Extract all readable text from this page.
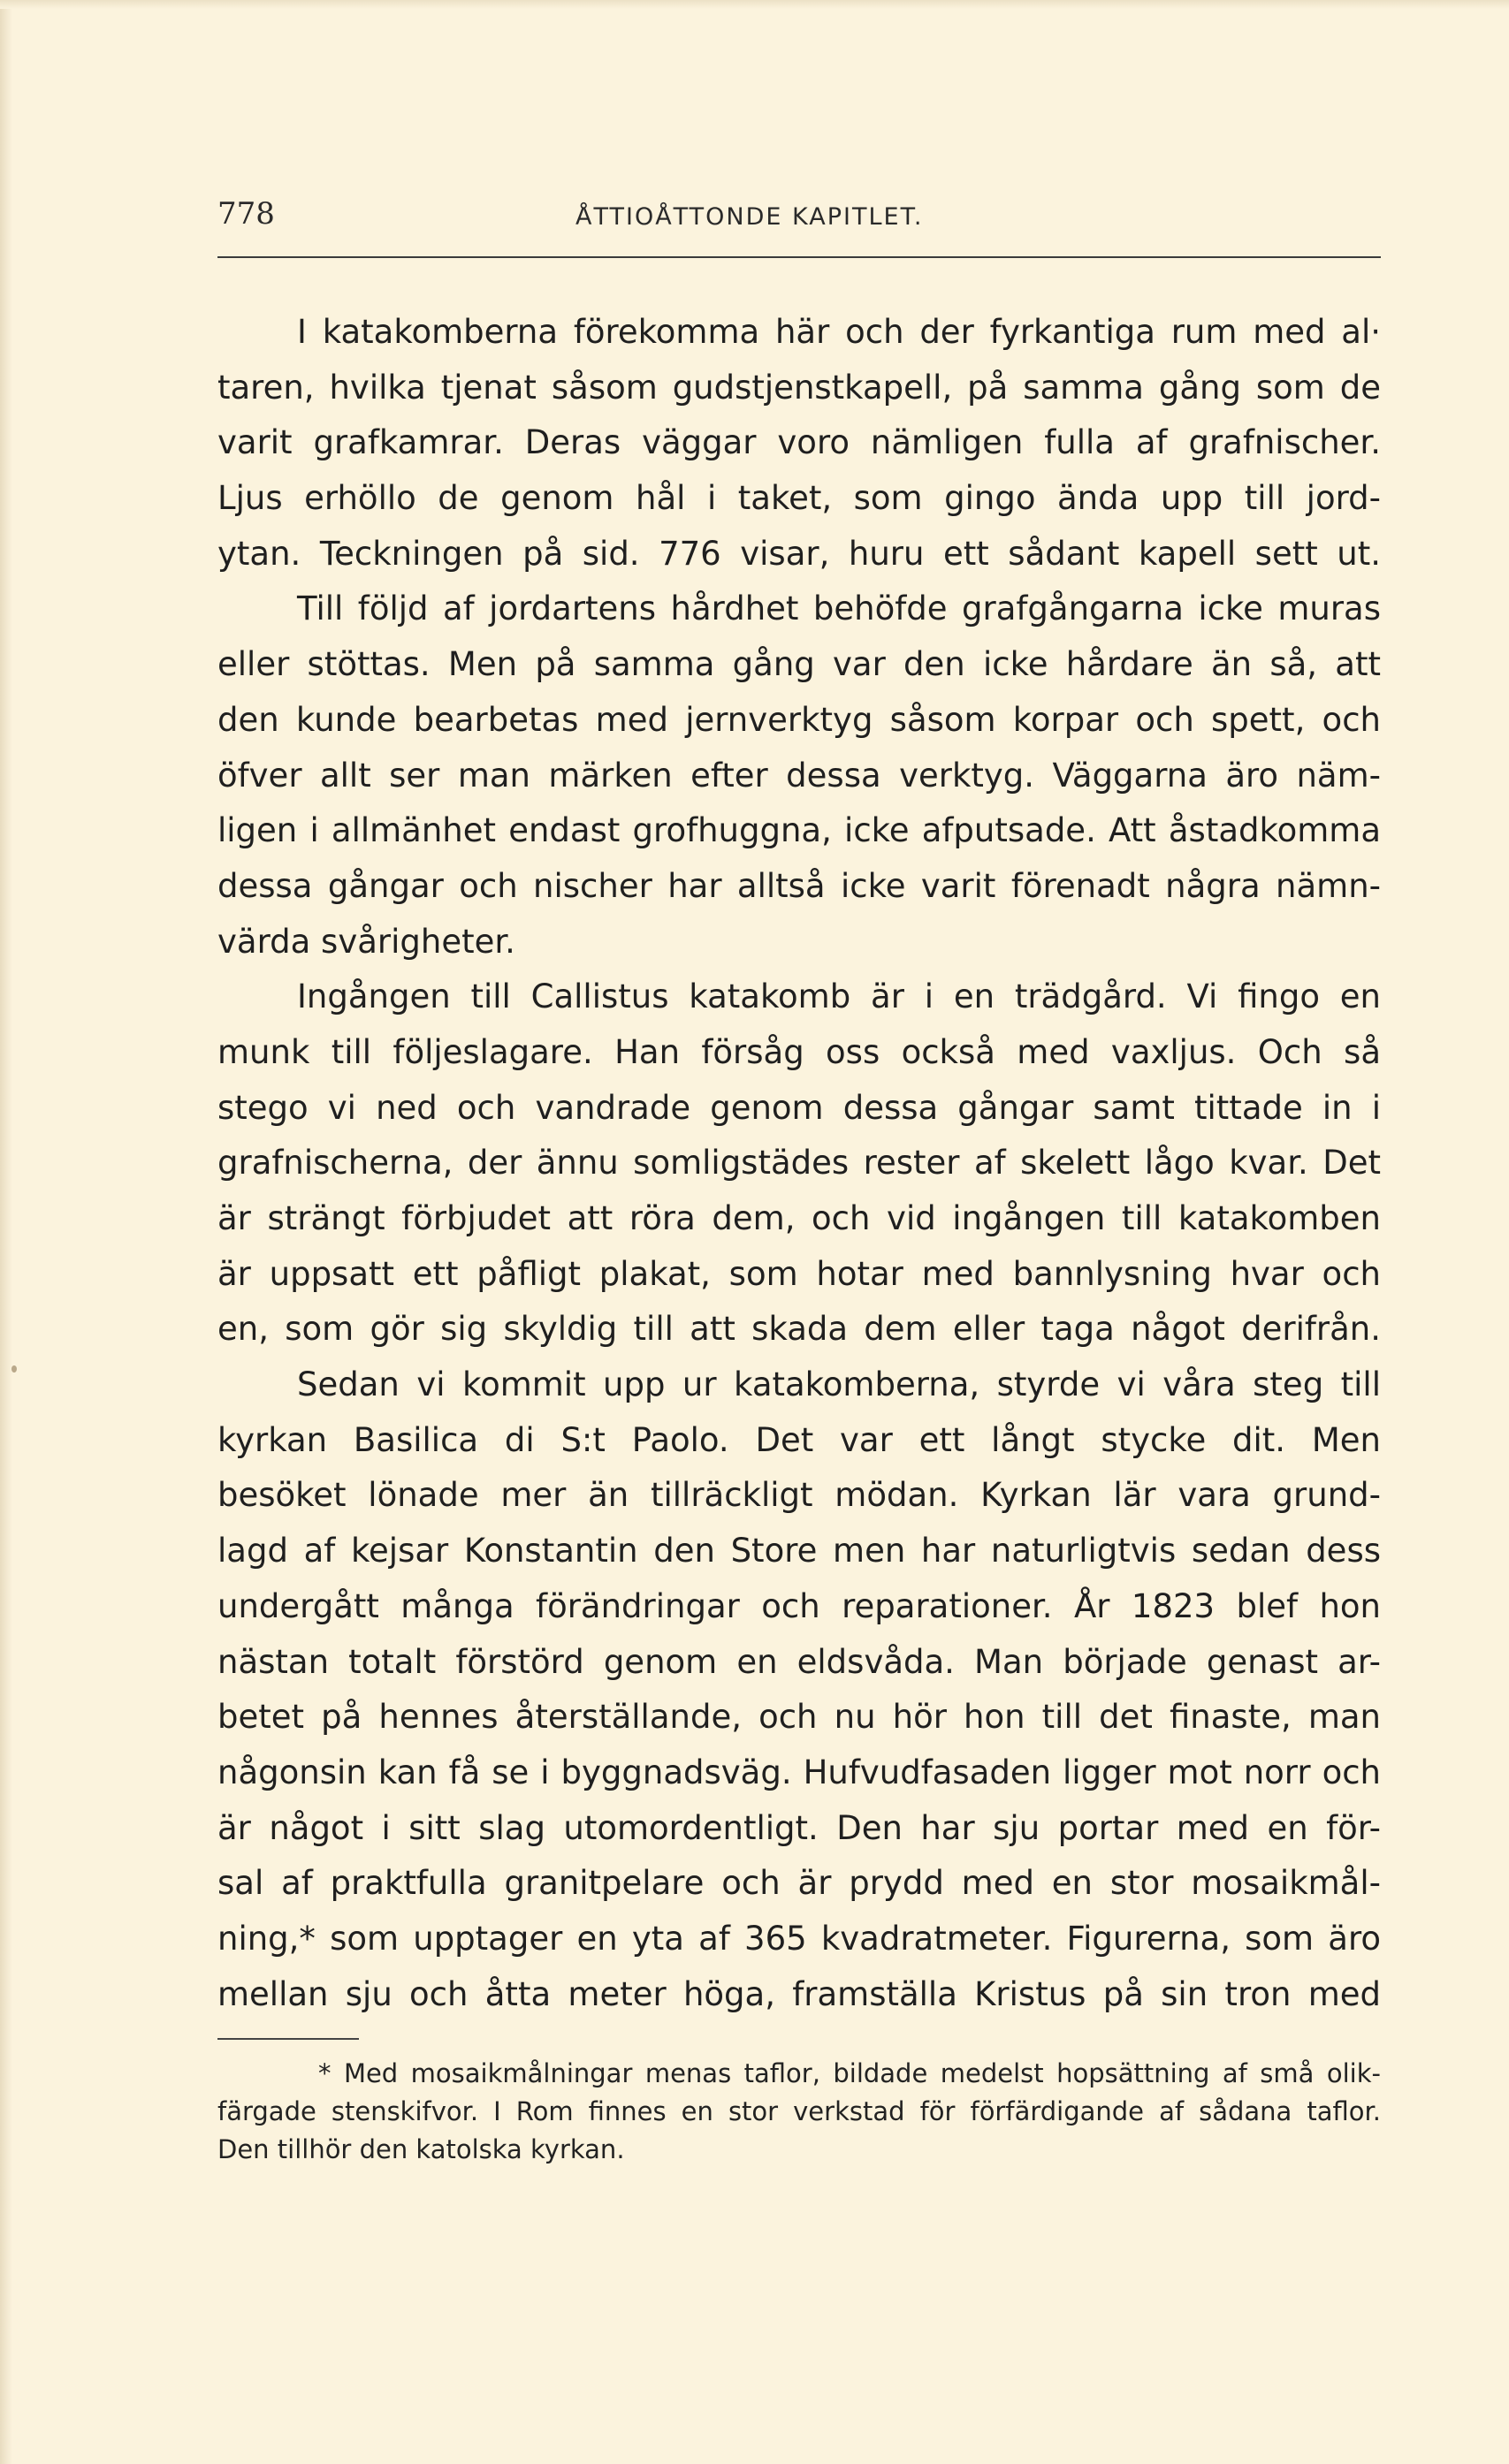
778	ÅTTIOÅTTONDE KAPITLET.
I katakomberna förekomma här och der fyrkantiga rum med al·
taren, hvilka tjenat såsom gudstjenstkapell, på samma gång som de
varit grafkamrar. Deras väggar voro nämligen fulla af grafnischer.
Ljus erhöllo de genom hål i taket, som gingo ända upp till jord-
ytan. Teckningen på sid. 776 visar, huru ett sådant kapell sett ut.
Till följd af jordartens hårdhet behöfde grafgångarna icke muras
eller stöttas. Men på samma gång var den icke hårdare än så, att
den kunde bearbetas med jernverktyg såsom korpar och spett, och
öfver allt ser man märken efter dessa verktyg. Väggarna äro näm-
ligen i allmänhet endast grofhuggna, icke afputsade. Att åstadkomma
dessa gångar och nischer har alltså icke varit förenadt några nämn-
värda svårigheter.
Ingången till Callistus katakomb är i en trädgård. Vi fingo en
munk till följeslagare. Han försåg oss också med vaxljus. Och så
stego vi ned och vandrade genom dessa gångar samt tittade in i
grafnischerna, der ännu somligstädes rester af skelett lågo kvar. Det
är strängt förbjudet att röra dem, och vid ingången till katakomben
är uppsatt ett påfligt plakat, som hotar med bannlysning hvar och
en, som gör sig skyldig till att skada dem eller taga något derifrån.
Sedan vi kommit upp ur katakomberna, styrde vi våra steg till
kyrkan Basilica di S:t Paolo. Det var ett långt stycke dit. Men
besöket lönade mer än tillräckligt mödan. Kyrkan lär vara grund-
lagd af kejsar Konstantin den Store men har naturligtvis sedan dess
undergått många förändringar och reparationer. År 1823 blef hon
nästan totalt förstörd genom en eldsvåda. Man började genast ar-
betet på hennes återställande, och nu hör hon till det finaste, man
någonsin kan få se i byggnadsväg. Hufvudfasaden ligger mot norr och
är något i sitt slag utomordentligt. Den har sju portar med en för-
sal af praktfulla granitpelare och är prydd med en stor mosaikmål-
ning,* som upptager en yta af 365 kvadratmeter. Figurerna, som äro
mellan sju och åtta meter höga, framställa Kristus på sin tron med
* Med mosaikmålningar menas taflor, bildade medelst hopsättning af små olik-
färgade stenskifvor. I Rom finnes en stor verkstad för förfärdigande af sådana taflor.
Den tillhör den katolska kyrkan.
